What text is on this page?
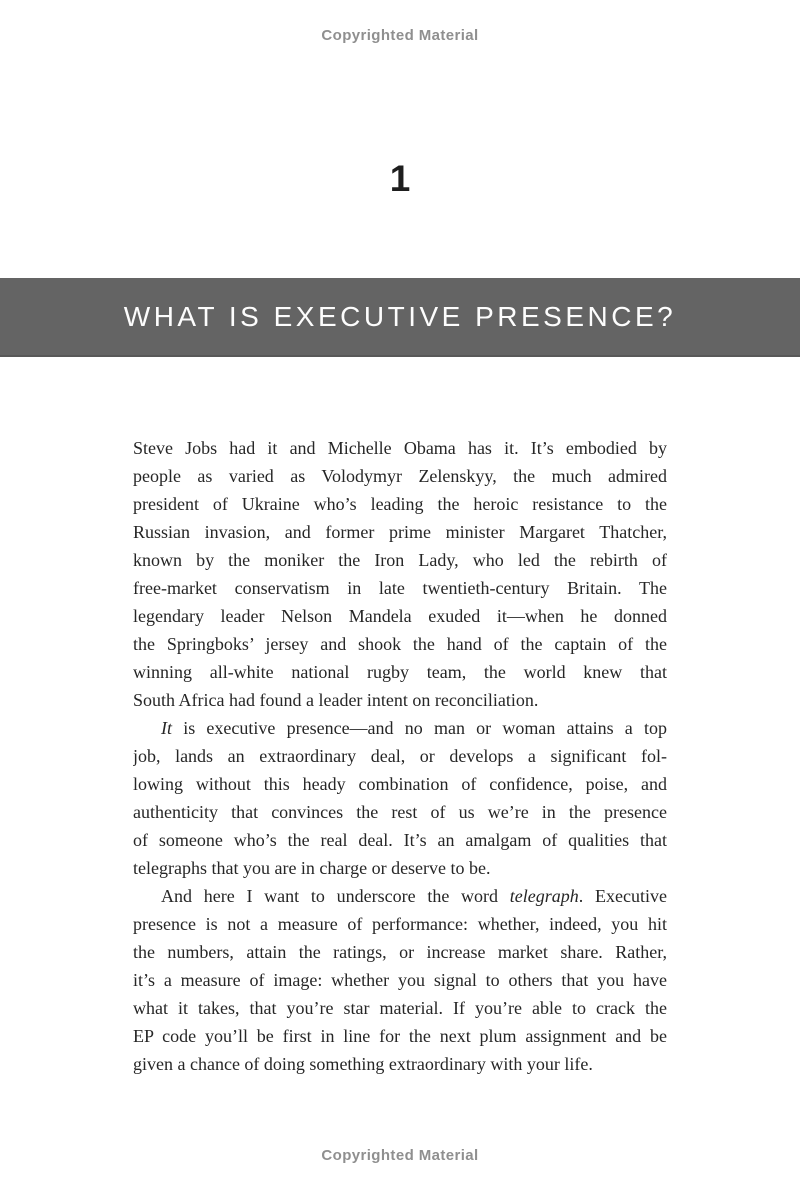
Copyrighted Material
1
WHAT IS EXECUTIVE PRESENCE?
Steve Jobs had it and Michelle Obama has it. It’s embodied by
people as varied as Volodymyr Zelenskyy, the much admired
president of Ukraine who’s leading the heroic resistance to the
Russian invasion, and former prime minister Margaret Thatcher,
known by the moniker the Iron Lady, who led the rebirth of
free-market conservatism in late twentieth-century Britain. The
legendary leader Nelson Mandela exuded it—when he donned
the Springboks’ jersey and shook the hand of the captain of the
winning all-white national rugby team, the world knew that
South Africa had found a leader intent on reconciliation.
It is executive presence—and no man or woman attains a top
job, lands an extraordinary deal, or develops a significant fol-
lowing without this heady combination of confidence, poise, and
authenticity that convinces the rest of us we’re in the presence
of someone who’s the real deal. It’s an amalgam of qualities that
telegraphs that you are in charge or deserve to be.
And here I want to underscore the word telegraph. Executive
presence is not a measure of performance: whether, indeed, you hit
the numbers, attain the ratings, or increase market share. Rather,
it’s a measure of image: whether you signal to others that you have
what it takes, that you’re star material. If you’re able to crack the
EP code you’ll be first in line for the next plum assignment and be
given a chance of doing something extraordinary with your life.
Copyrighted Material
